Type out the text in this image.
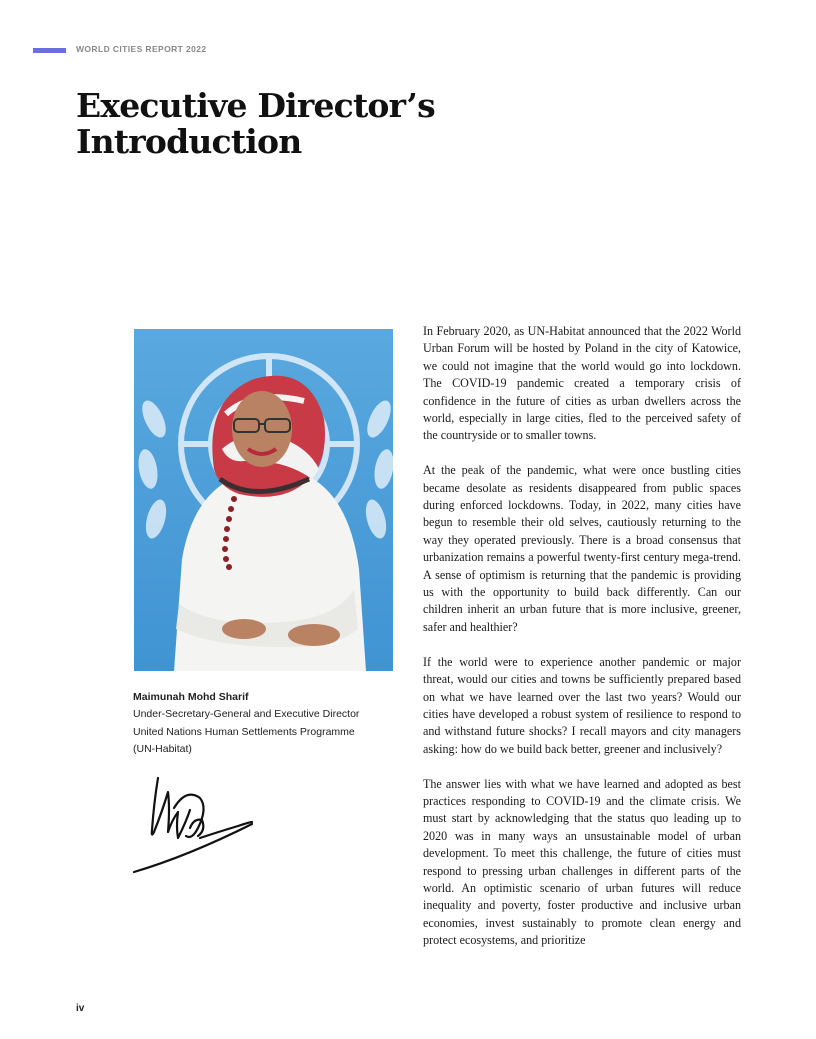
WORLD CITIES REPORT 2022
Executive Director’s
Introduction
Maimunah Mohd Sharif
Under-Secretary-General and Executive Director
United Nations Human Settlements Programme
(UN-Habitat)

In February 2020, as UN-Habitat announced that the 2022 World Urban Forum will be hosted by Poland in the city of Katowice, we could not imagine that the world would go into lockdown. The COVID-19 pandemic created a temporary crisis of confidence in the future of cities as urban dwellers across the world, especially in large cities, fled to the perceived safety of the countryside or to smaller towns.

At the peak of the pandemic, what were once bustling cities became desolate as residents disappeared from public spaces during enforced lockdowns. Today, in 2022, many cities have begun to resemble their old selves, cautiously returning to the way they operated previously. There is a broad consensus that urbanization remains a powerful twenty-first century mega-trend. A sense of optimism is returning that the pandemic is providing us with the opportunity to build back differently. Can our children inherit an urban future that is more inclusive, greener, safer and healthier?

If the world were to experience another pandemic or major threat, would our cities and towns be sufficiently prepared based on what we have learned over the last two years? Would our cities have developed a robust system of resilience to respond to and withstand future shocks? I recall mayors and city managers asking: how do we build back better, greener and inclusively?

The answer lies with what we have learned and adopted as best practices responding to COVID-19 and the climate crisis. We must start by acknowledging that the status quo leading up to 2020 was in many ways an unsustainable model of urban development. To meet this challenge, the future of cities must respond to pressing urban challenges in different parts of the world. An optimistic scenario of urban futures will reduce inequality and poverty, foster productive and inclusive urban economies, invest sustainably to promote clean energy and protect ecosystems, and prioritize

iv
